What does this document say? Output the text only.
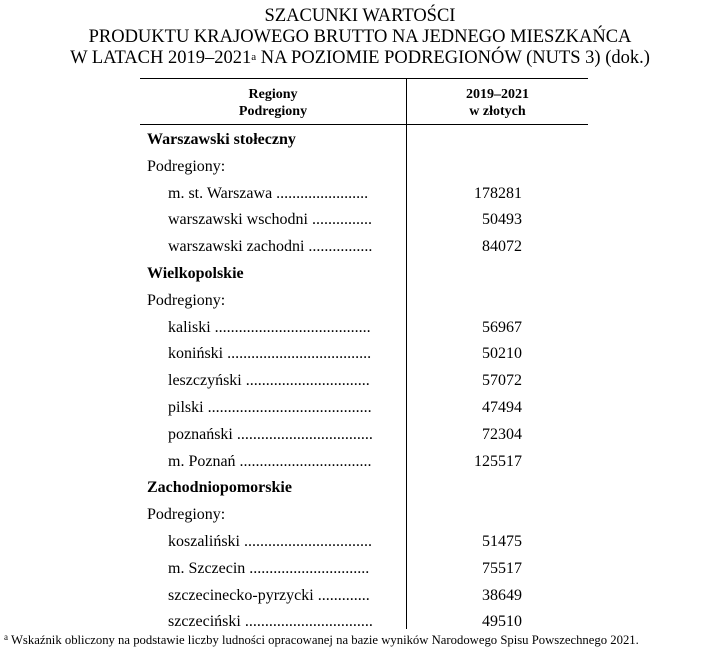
SZACUNKI WARTOŚCI
PRODUKTU KRAJOWEGO BRUTTO NA JEDNEGO MIESZKAŃCA
W LATACH 2019–2021$^a$ NA POZIOMIE PODREGIONÓW (NUTS 3) (dok.)
Regiony
Podregiony
2019–2021
w złotych
Warszawski stołeczny
Podregiony:
m. st. Warszawa .......................	178281
warszawski wschodni ...............	50493
warszawski zachodni ................	84072
Wielkopolskie
Podregiony:
kaliski .......................................	56967
koniński ....................................	50210
leszczyński ...............................	57072
pilski .........................................	47494
poznański ..................................	72304
m. Poznań .................................	125517
Zachodniopomorskie
Podregiony:
koszaliński ................................	51475
m. Szczecin ..............................	75517
szczecinecko-pyrzycki .............	38649
szczeciński ................................	49510
$^a$ Wskaźnik obliczony na podstawie liczby ludności opracowanej na bazie wyników Narodowego Spisu Powszechnego 2021.
